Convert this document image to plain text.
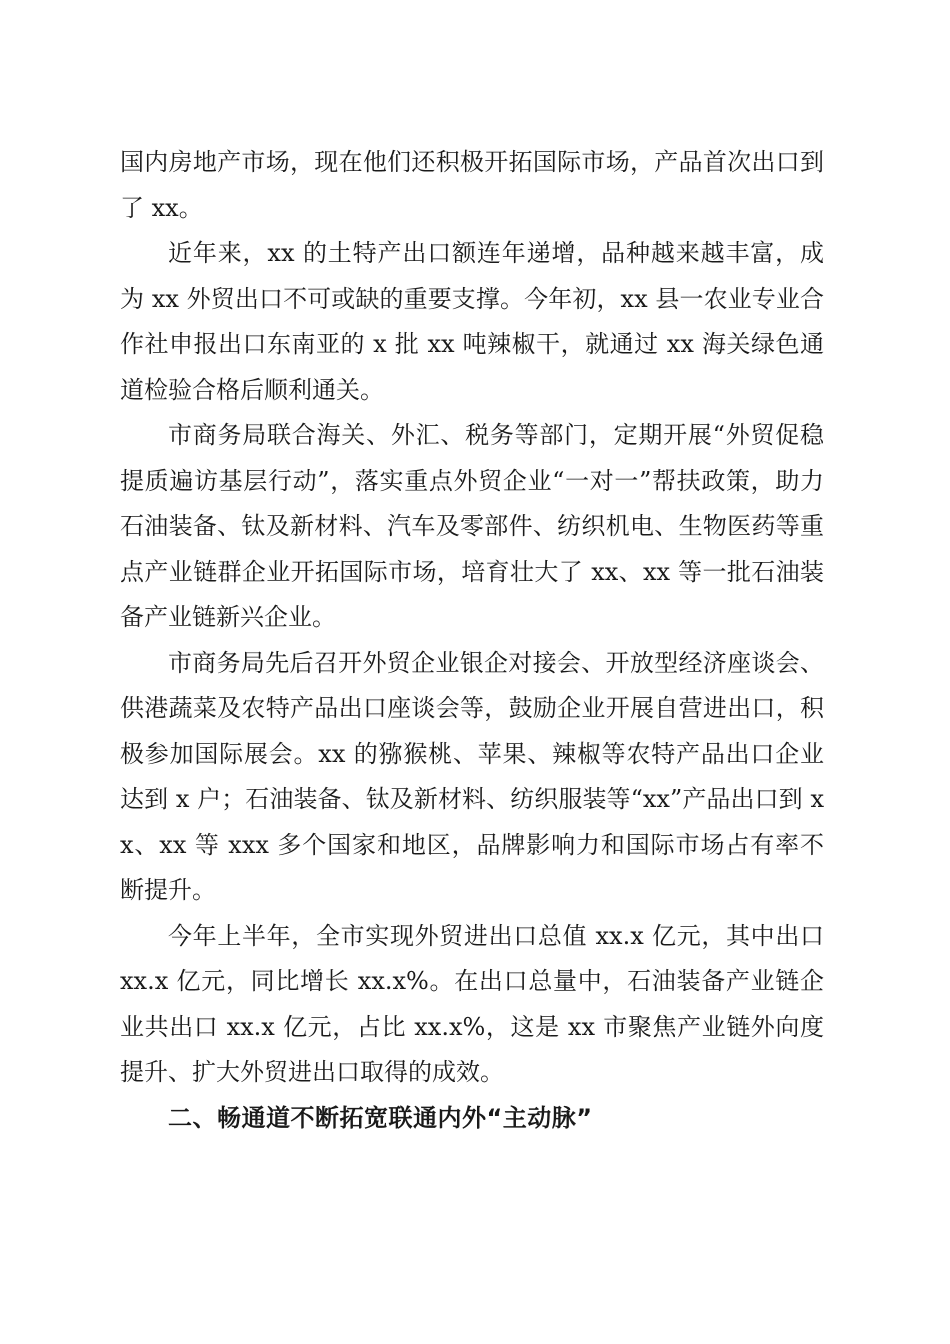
国内房地产市场，现在他们还积极开拓国际市场，产品首次出口到了 xx。

近年来，xx 的土特产出口额连年递增，品种越来越丰富，成为 xx 外贸出口不可或缺的重要支撑。今年初，xx 县一农业专业合作社申报出口东南亚的 x 批 xx 吨辣椒干，就通过 xx 海关绿色通道检验合格后顺利通关。

市商务局联合海关、外汇、税务等部门，定期开展“外贸促稳提质遍访基层行动”，落实重点外贸企业“一对一”帮扶政策，助力石油装备、钛及新材料、汽车及零部件、纺织机电、生物医药等重点产业链群企业开拓国际市场，培育壮大了 xx、xx 等一批石油装备产业链新兴企业。

市商务局先后召开外贸企业银企对接会、开放型经济座谈会、供港蔬菜及农特产品出口座谈会等，鼓励企业开展自营进出口，积极参加国际展会。xx 的猕猴桃、苹果、辣椒等农特产品出口企业达到 x 户；石油装备、钛及新材料、纺织服装等“xx”产品出口到 xx、xx 等 xxx 多个国家和地区，品牌影响力和国际市场占有率不断提升。

今年上半年，全市实现外贸进出口总值 xx.x 亿元，其中出口 xx.x 亿元，同比增长 xx.x%。在出口总量中，石油装备产业链企业共出口 xx.x 亿元，占比 xx.x%，这是 xx 市聚焦产业链外向度提升、扩大外贸进出口取得的成效。

二、畅通道不断拓宽联通内外“主动脉”
